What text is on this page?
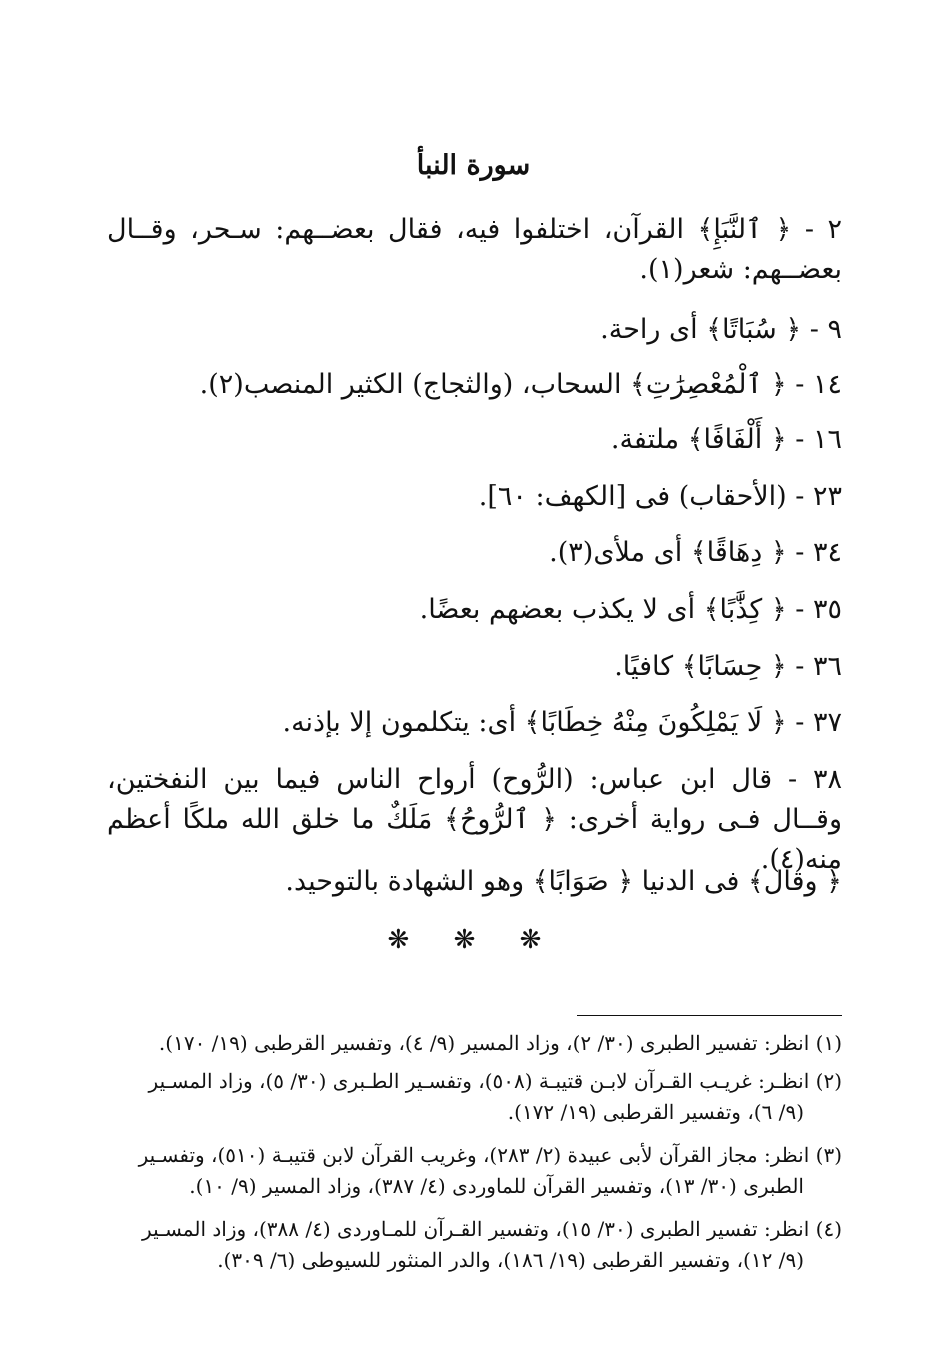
سورة النبأ
٢ - ﴿ ٱلنَّبَإِ﴾ القرآن، اختلفوا فيه، فقال بعضــهم: سـحر، وقــال بعضــهم: شعر(١).
٩ - ﴿ سُبَاتًا﴾ أى راحة.
١٤ - ﴿ ٱلْمُعْصِرَٰتِ﴾ السحاب، (والثجاج) الكثير المنصب(٢).
١٦ - ﴿ أَلْفَافًا﴾ ملتفة.
٢٣ - (الأحقاب) فى [الكهف: ٦٠].
٣٤ - ﴿ دِهَاقًا﴾ أى ملأى(٣).
٣٥ - ﴿ كِذَّٰبًا﴾ أى لا يكذب بعضهم بعضًا.
٣٦ - ﴿ حِسَابًا﴾ كافيًا.
٣٧ - ﴿ لَا يَمْلِكُونَ مِنْهُ خِطَابًا﴾ أى: يتكلمون إلا بإذنه.
٣٨ - قال ابن عباس: (الرُّوح) أرواح الناس فيما بين النفختين، وقــال فـى رواية أخرى: ﴿ ٱلرُّوحُ﴾ مَلَكٌ ما خلق الله ملكًا أعظم منه(٤).
﴿ وقال﴾ فى الدنيا ﴿ صَوَابًا﴾ وهو الشهادة بالتوحيد.
❋ ❋ ❋
(١) انظر: تفسير الطبرى (٣٠/ ٢)، وزاد المسير (٩/ ٤)، وتفسير القرطبى (١٩/ ١٧٠).
(٢) انظـر: غريـب القـرآن لابـن قتيبـة (٥٠٨)، وتفسـير الطـبرى (٣٠/ ٥)، وزاد المسـير
(٩/ ٦)، وتفسير القرطبى (١٩/ ١٧٢).
(٣) انظر: مجاز القرآن لأبى عبيدة (٢/ ٢٨٣)، وغريب القرآن لابن قتيبـة (٥١٠)، وتفسـير
الطبرى (٣٠/ ١٣)، وتفسير القرآن للماوردى (٤/ ٣٨٧)، وزاد المسير (٩/ ١٠).
(٤) انظر: تفسير الطبرى (٣٠/ ١٥)، وتفسير القـرآن للمـاوردى (٤/ ٣٨٨)، وزاد المسـير
(٩/ ١٢)، وتفسير القرطبى (١٩/ ١٨٦)، والدر المنثور للسيوطى (٦/ ٣٠٩).
